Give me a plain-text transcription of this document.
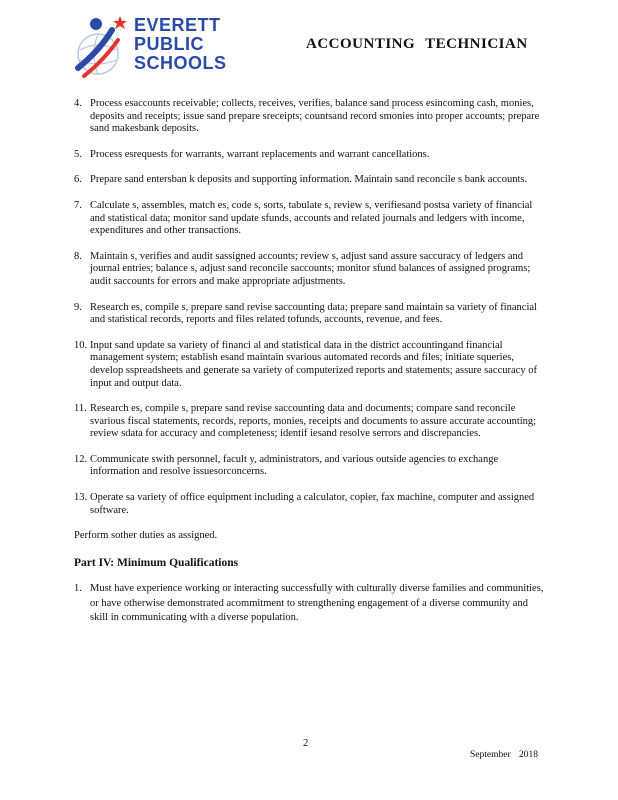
EVERETT
PUBLIC
SCHOOLS
ACCOUNTING TECHNICIAN
4. Process esaccounts receivable; collects, receives, verifies, balance sand process esincoming cash, monies, deposits and receipts; issue sand prepare sreceipts; countsand record smonies into proper accounts; prepare sand makesbank deposits.
5. Process esrequests for warrants, warrant replacements and warrant cancellations.
6. Prepare sand entersban k deposits and supporting information. Maintain sand reconcile s bank accounts.
7. Calculate s, assembles, match es, code s, sorts, tabulate s, review s, verifiesand postsa variety of financial and statistical data; monitor sand update sfunds, accounts and related journals and ledgers with income, expenditures and other transactions.
8. Maintain s, verifies and audit sassigned accounts; review s, adjust sand assure saccuracy of ledgers and journal entries; balance s, adjust sand reconcile saccounts; monitor sfund balances of assigned programs; audit saccounts for errors and make appropriate adjustments.
9. Research es, compile s, prepare sand revise saccounting data; prepare sand maintain sa variety of financial and statistical records, reports and files related tofunds, accounts, revenue, and fees.
10. Input sand update sa variety of financi al and statistical data in the district accountingand financial management system; establish esand maintain svarious automated records and files; initiate squeries, develop sspreadsheets and generate sa variety of computerized reports and statements; assure saccuracy of input and output data.
11. Research es, compile s, prepare sand revise saccounting data and documents; compare sand reconcile svarious fiscal statements, records, reports, monies, receipts and documents to assure accurate accounting; review sdata for accuracy and completeness; identif iesand resolve serrors and discrepancies.
12. Communicate swith personnel, facult y, administrators, and various outside agencies to exchange information and resolve issuesorconcerns.
13. Operate sa variety of office equipment including a calculator, copier, fax machine, computer and assigned software.

Perform sother duties as assigned.

Part IV: Minimum Qualifications

1. Must have experience working or interacting successfully with culturally diverse families and communities, or have otherwise demonstrated acommitment to strengthening engagement of a diverse community and skill in communicating with a diverse population.
2
September 2018
